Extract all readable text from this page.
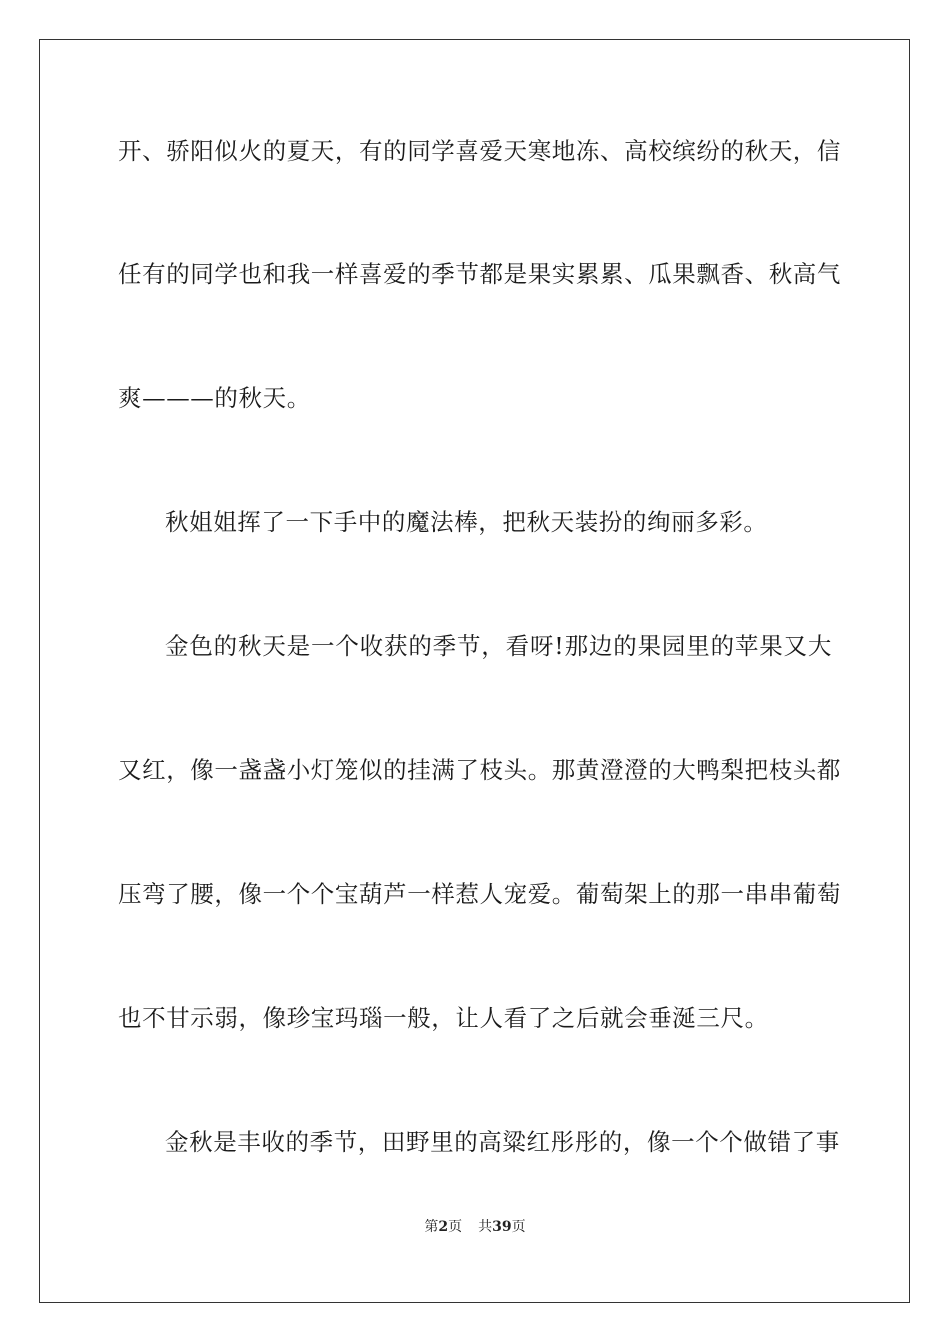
开、骄阳似火的夏天，有的同学喜爱天寒地冻、高校缤纷的秋天，信
任有的同学也和我一样喜爱的季节都是果实累累、瓜果飘香、秋高气
爽———的秋天。
秋姐姐挥了一下手中的魔法棒，把秋天装扮的绚丽多彩。
金色的秋天是一个收获的季节，看呀!那边的果园里的苹果又大
又红，像一盏盏小灯笼似的挂满了枝头。那黄澄澄的大鸭梨把枝头都
压弯了腰，像一个个宝葫芦一样惹人宠爱。葡萄架上的那一串串葡萄
也不甘示弱，像珍宝玛瑙一般，让人看了之后就会垂涎三尺。
金秋是丰收的季节，田野里的高粱红彤彤的，像一个个做错了事
第2页 共39页
